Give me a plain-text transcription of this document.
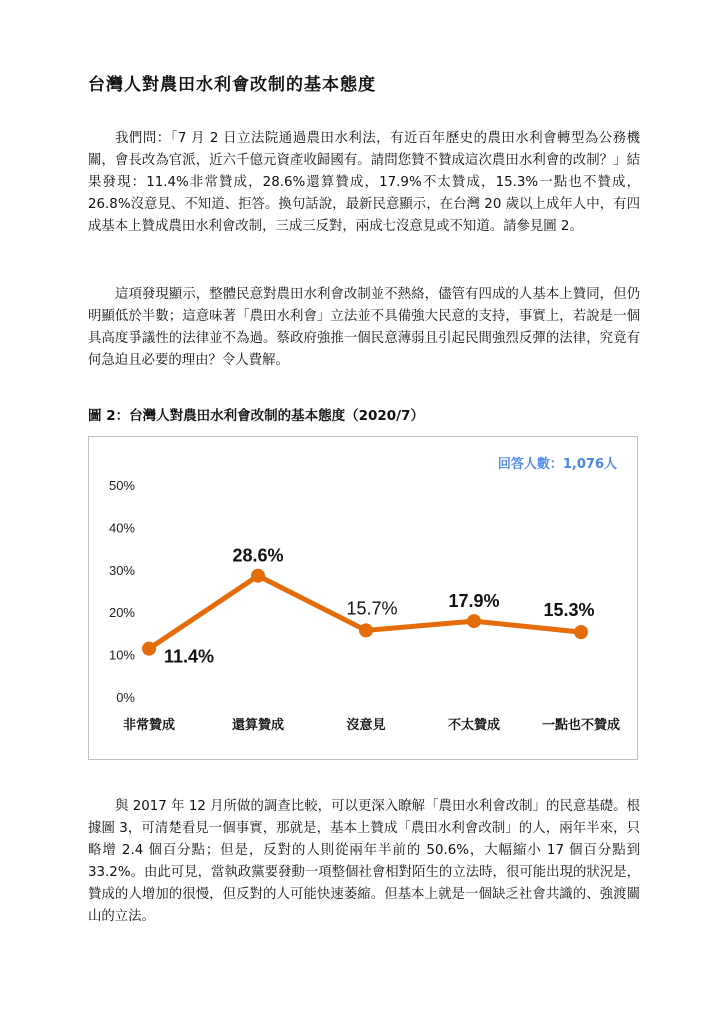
台灣人對農田水利會改制的基本態度

我們問：「7 月 2 日立法院通過農田水利法，有近百年歷史的農田水利會轉型為公務機關，會長改為官派，近六千億元資產收歸國有。請問您贊不贊成這次農田水利會的改制？」結果發現：11.4%非常贊成，28.6%還算贊成，17.9%不太贊成，15.3%一點也不贊成，26.8%沒意見、不知道、拒答。換句話說，最新民意顯示，在台灣 20 歲以上成年人中，有四成基本上贊成農田水利會改制，三成三反對，兩成七沒意見或不知道。請參見圖 2。

這項發現顯示，整體民意對農田水利會改制並不熱絡，儘管有四成的人基本上贊同，但仍明顯低於半數；這意味著「農田水利會」立法並不具備強大民意的支持，事實上，若說是一個具高度爭議性的法律並不為過。蔡政府強推一個民意薄弱且引起民間強烈反彈的法律，究竟有何急迫且必要的理由？令人費解。

圖 2：台灣人對農田水利會改制的基本態度（2020/7）
回答人數：1,076人
0%
10%
20%
30%
40%
50%
非常贊成	還算贊成	沒意見	不太贊成	一點也不贊成
11.4%
28.6%
15.7%	17.9% 15.3%

與 2017 年 12 月所做的調查比較，可以更深入瞭解「農田水利會改制」的民意基礎。根據圖 3，可清楚看見一個事實，那就是，基本上贊成「農田水利會改制」的人，兩年半來，只略增 2.4 個百分點；但是，反對的人則從兩年半前的 50.6%，大幅縮小 17 個百分點到 33.2%。由此可見，當執政黨要發動一項整個社會相對陌生的立法時，很可能出現的狀況是，贊成的人增加的很慢，但反對的人可能快速萎縮。但基本上就是一個缺乏社會共識的、強渡關山的立法。
